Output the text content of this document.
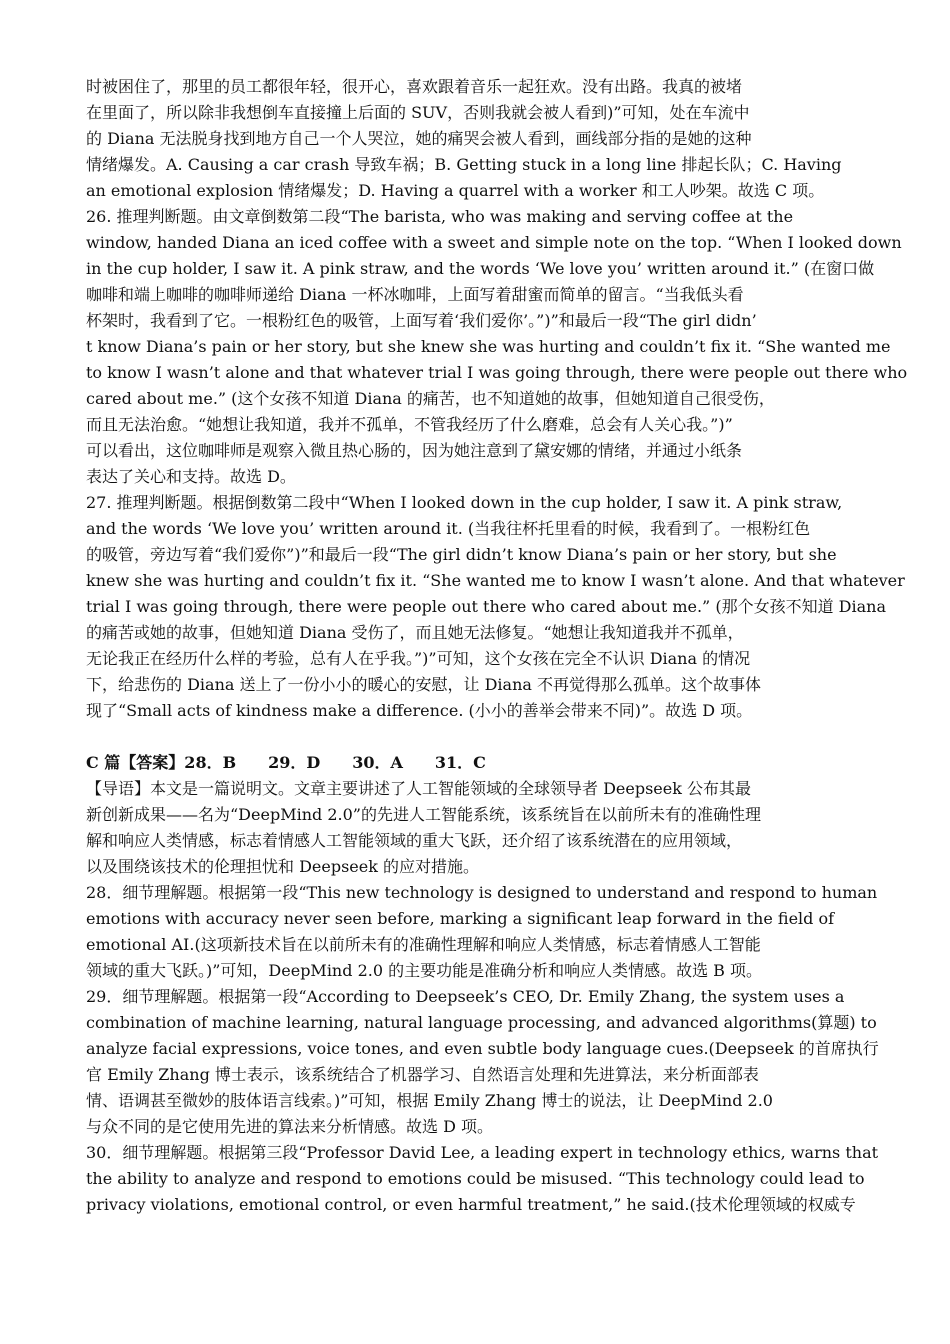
时被困住了，那里的员工都很年轻，很开心，喜欢跟着音乐一起狂欢。没有出路。我真的被堵
在里面了，所以除非我想倒车直接撞上后面的 SUV，否则我就会被人看到)”可知，处在车流中
的 Diana 无法脱身找到地方自己一个人哭泣，她的痛哭会被人看到，画线部分指的是她的这种
情绪爆发。A. Causing a car crash 导致车祸；B. Getting stuck in a long line 排起长队；C. Having
an emotional explosion 情绪爆发；D. Having a quarrel with a worker 和工人吵架。故选 C 项。
26. 推理判断题。由文章倒数第二段“The barista, who was making and serving coffee at the
window, handed Diana an iced coffee with a sweet and simple note on the top. “When I looked down
in the cup holder, I saw it. A pink straw, and the words ‘We love you’ written around it.” (在窗口做
咖啡和端上咖啡的咖啡师递给 Diana 一杯冰咖啡，上面写着甜蜜而简单的留言。“当我低头看
杯架时，我看到了它。一根粉红色的吸管，上面写着‘我们爱你’。”)”和最后一段“The girl didn’
t know Diana’s pain or her story, but she knew she was hurting and couldn’t fix it. “She wanted me
to know I wasn’t alone and that whatever trial I was going through, there were people out there who
cared about me.” (这个女孩不知道 Diana 的痛苦，也不知道她的故事，但她知道自己很受伤，
而且无法治愈。“她想让我知道，我并不孤单，不管我经历了什么磨难，总会有人关心我。”)”
可以看出，这位咖啡师是观察入微且热心肠的，因为她注意到了黛安娜的情绪，并通过小纸条
表达了关心和支持。故选 D。
27. 推理判断题。根据倒数第二段中“When I looked down in the cup holder, I saw it. A pink straw,
and the words ‘We love you’ written around it. (当我往杯托里看的时候，我看到了。一根粉红色
的吸管，旁边写着“我们爱你”)”和最后一段“The girl didn’t know Diana’s pain or her story, but she
knew she was hurting and couldn’t fix it. “She wanted me to know I wasn’t alone. And that whatever
trial I was going through, there were people out there who cared about me.” (那个女孩不知道 Diana
的痛苦或她的故事，但她知道 Diana 受伤了，而且她无法修复。“她想让我知道我并不孤单，
无论我正在经历什么样的考验，总有人在乎我。”)”可知，这个女孩在完全不认识 Diana 的情况
下，给悲伤的 Diana 送上了一份小小的暖心的安慰，让 Diana 不再觉得那么孤单。这个故事体
现了“Small acts of kindness make a difference. (小小的善举会带来不同)”。故选 D 项。
C 篇【答案】28．B　　29．D　　30．A　　31．C
【导语】本文是一篇说明文。文章主要讲述了人工智能领域的全球领导者 Deepseek 公布其最
新创新成果——名为“DeepMind 2.0”的先进人工智能系统，该系统旨在以前所未有的准确性理
解和响应人类情感，标志着情感人工智能领域的重大飞跃，还介绍了该系统潜在的应用领域，
以及围绕该技术的伦理担忧和 Deepseek 的应对措施。
28．细节理解题。根据第一段“This new technology is designed to understand and respond to human
emotions with accuracy never seen before, marking a significant leap forward in the field of
emotional AI.(这项新技术旨在以前所未有的准确性理解和响应人类情感，标志着情感人工智能
领域的重大飞跃。)”可知，DeepMind 2.0 的主要功能是准确分析和响应人类情感。故选 B 项。
29．细节理解题。根据第一段“According to Deepseek’s CEO, Dr. Emily Zhang, the system uses a
combination of machine learning, natural language processing, and advanced algorithms(算题) to
analyze facial expressions, voice tones, and even subtle body language cues.(Deepseek 的首席执行
官 Emily Zhang 博士表示，该系统结合了机器学习、自然语言处理和先进算法，来分析面部表
情、语调甚至微妙的肢体语言线索。)”可知，根据 Emily Zhang 博士的说法，让 DeepMind 2.0
与众不同的是它使用先进的算法来分析情感。故选 D 项。
30．细节理解题。根据第三段“Professor David Lee, a leading expert in technology ethics, warns that
the ability to analyze and respond to emotions could be misused. “This technology could lead to
privacy violations, emotional control, or even harmful treatment,” he said.(技术伦理领域的权威专
